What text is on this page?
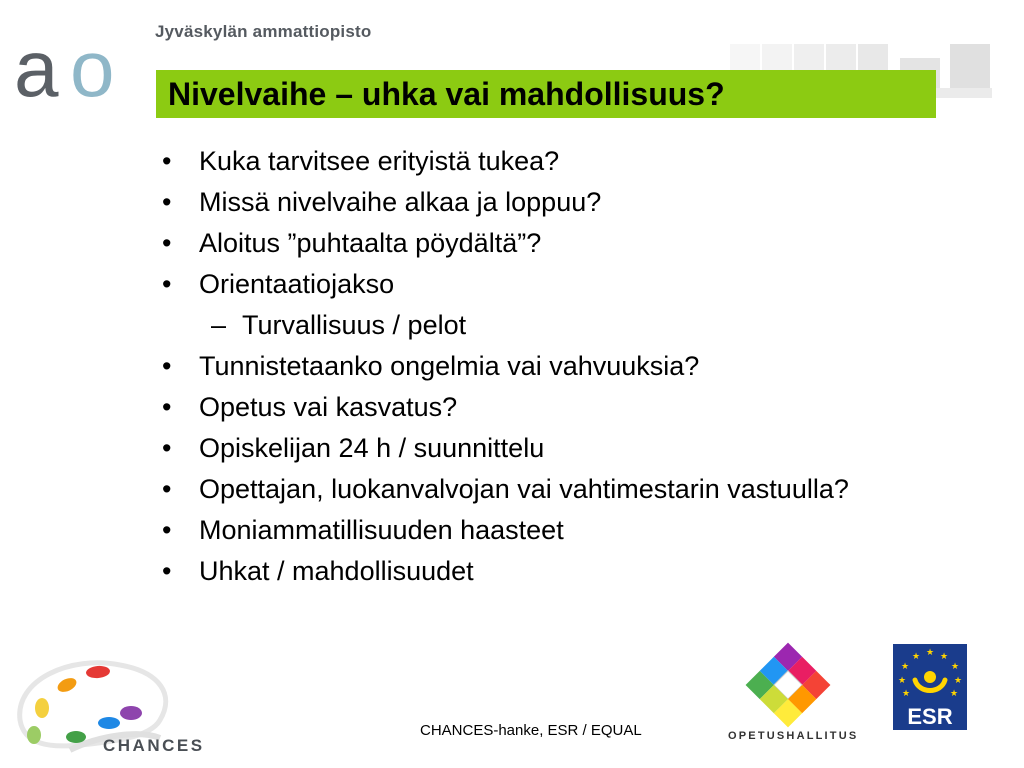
Jyväskylän ammattiopisto
a o Nivelvaihe – uhka vai mahdollisuus?
• Kuka tarvitsee erityistä tukea?
• Missä nivelvaihe alkaa ja loppuu?
• Aloitus ”puhtaalta pöydältä”?
• Orientaatiojakso
– Turvallisuus / pelot
• Tunnistetaanko ongelmia vai vahvuuksia?
• Opetus vai kasvatus?
• Opiskelijan 24 h / suunnittelu
• Opettajan, luokanvalvojan vai vahtimestarin vastuulla?
• Moniammatillisuuden haasteet
• Uhkat / mahdollisuudet
CHANCES
CHANCES-hanke, ESR / EQUAL	OPETUSHALLITUS
★
★ ★
★	★
★	★
★	★
ESR
